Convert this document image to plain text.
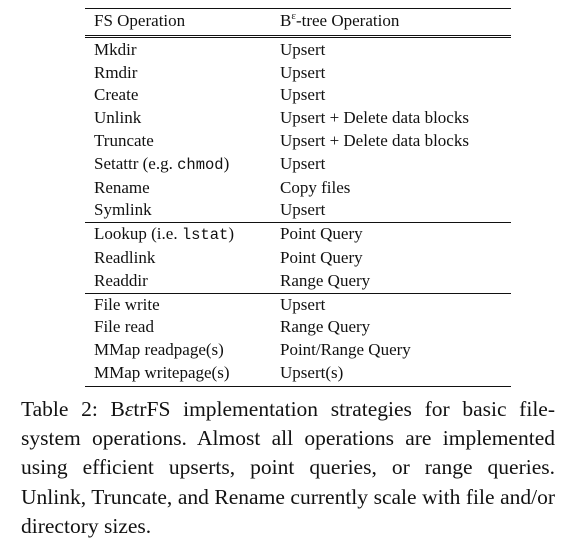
FS Operation	$B^\varepsilon$-tree Operation
Mkdir	Upsert
Rmdir	Upsert
Create	Upsert
Unlink	Upsert + Delete data blocks
Truncate	Upsert + Delete data blocks
Setattr (e.g. chmod)	Upsert
Rename	Copy files
Symlink	Upsert
Lookup (i.e. lstat)	Point Query
Readlink	Point Query
Readdir	Range Query
File write	Upsert
File read	Range Query
MMap readpage(s)	Point/Range Query
MMap writepage(s)	Upsert(s)

Table 2: BεtrFS implementation strategies for basic file-system operations. Almost all operations are implemented using efficient upserts, point queries, or range queries. Unlink, Truncate, and Rename currently scale with file and/or directory sizes.
